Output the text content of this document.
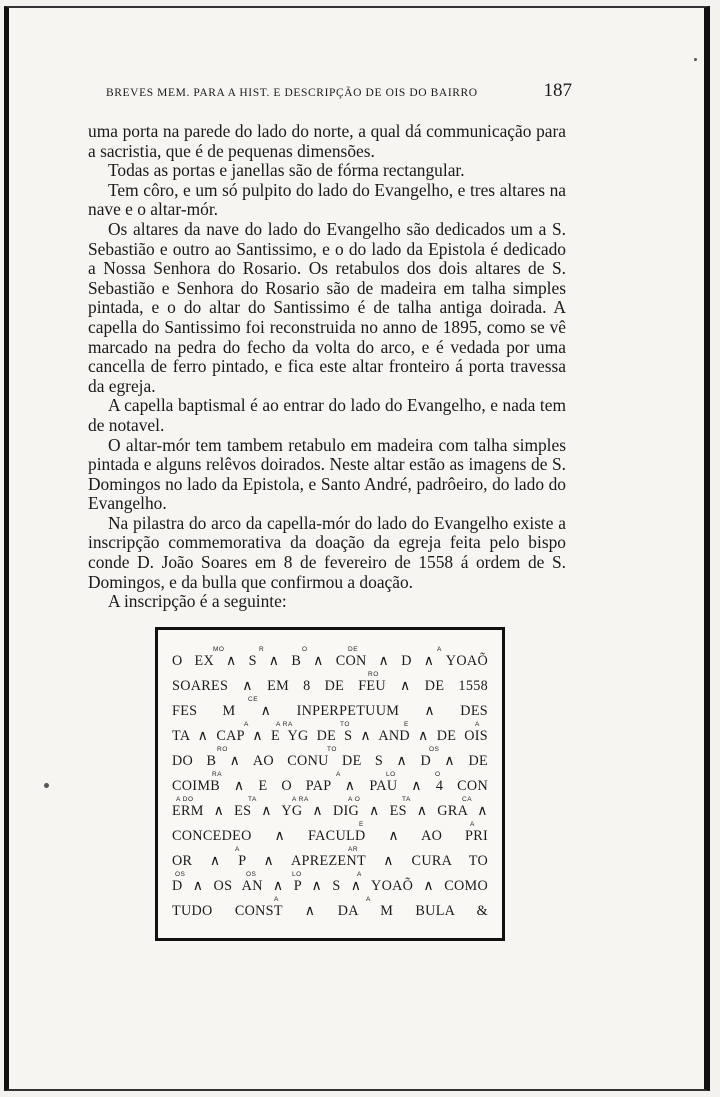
BREVES MEM. PARA A HIST. E DESCRIPÇÃO DE OIS DO BAIRRO	187

uma porta na parede do lado do norte, a qual dá communicação para a sacristia, que é de pequenas dimensões.

Todas as portas e janellas são de fórma rectangular.

Tem côro, e um só pulpito do lado do Evangelho, e tres altares na nave e o altar-mór.

Os altares da nave do lado do Evangelho são dedicados um a S. Sebastião e outro ao Santissimo, e o do lado da Epistola é dedicado a Nossa Senhora do Rosario. Os retabulos dos dois altares de S. Sebastião e Senhora do Rosario são de madeira em talha simples pintada, e o do altar do Santissimo é de talha antiga doirada. A capella do Santissimo foi reconstruida no anno de 1895, como se vê marcado na pedra do fecho da volta do arco, e é vedada por uma cancella de ferro pintado, e fica este altar fronteiro á porta travessa da egreja.

A capella baptismal é ao entrar do lado do Evangelho, e nada tem de notavel.

O altar-mór tem tambem retabulo em madeira com talha simples pintada e alguns relêvos doirados. Neste altar estão as imagens de S. Domingos no lado da Epistola, e Santo André, padrôeiro, do lado do Evangelho.

Na pilastra do arco da capella-mór do lado do Evangelho existe a inscripção commemorativa da doação da egreja feita pelo bispo conde D. João Soares em 8 de fevereiro de 1558 á ordem de S. Domingos, e da bulla que confirmou a doação.

A inscripção é a seguinte:

MO	R	O	DE	A
O EX ∧ S ∧ B ∧ CON ∧ D ∧ YOAÕ
RO
SOARES ∧ EM 8 DE FEU ∧ DE 1558
CE
FES M ∧ INPERPETUUM ∧ DES
A	A RA	TO	E	A
TA ∧ CAP ∧ E YG DE S ∧ AND ∧ DE OIS
RO	TO	OS
DO B ∧ AO CONU DE S ∧ D ∧ DE
RA	A	LO	O
COIMB ∧ E O PAP ∧ PAU ∧ 4 CON
A DO	TA	A RA	A O	TA	CA
ERM ∧ ES ∧ YG ∧ DIG ∧ ES ∧ GRA ∧
E	A
CONCEDEO ∧ FACULD ∧ AO PRI
A	AR
OR ∧ P ∧ APREZENT ∧ CURA TO
OS	OS	LO	A
D ∧ OS AN ∧ P ∧ S ∧ YOAÕ ∧ COMO
A	A
TUDO CONST ∧ DA M BULA &
